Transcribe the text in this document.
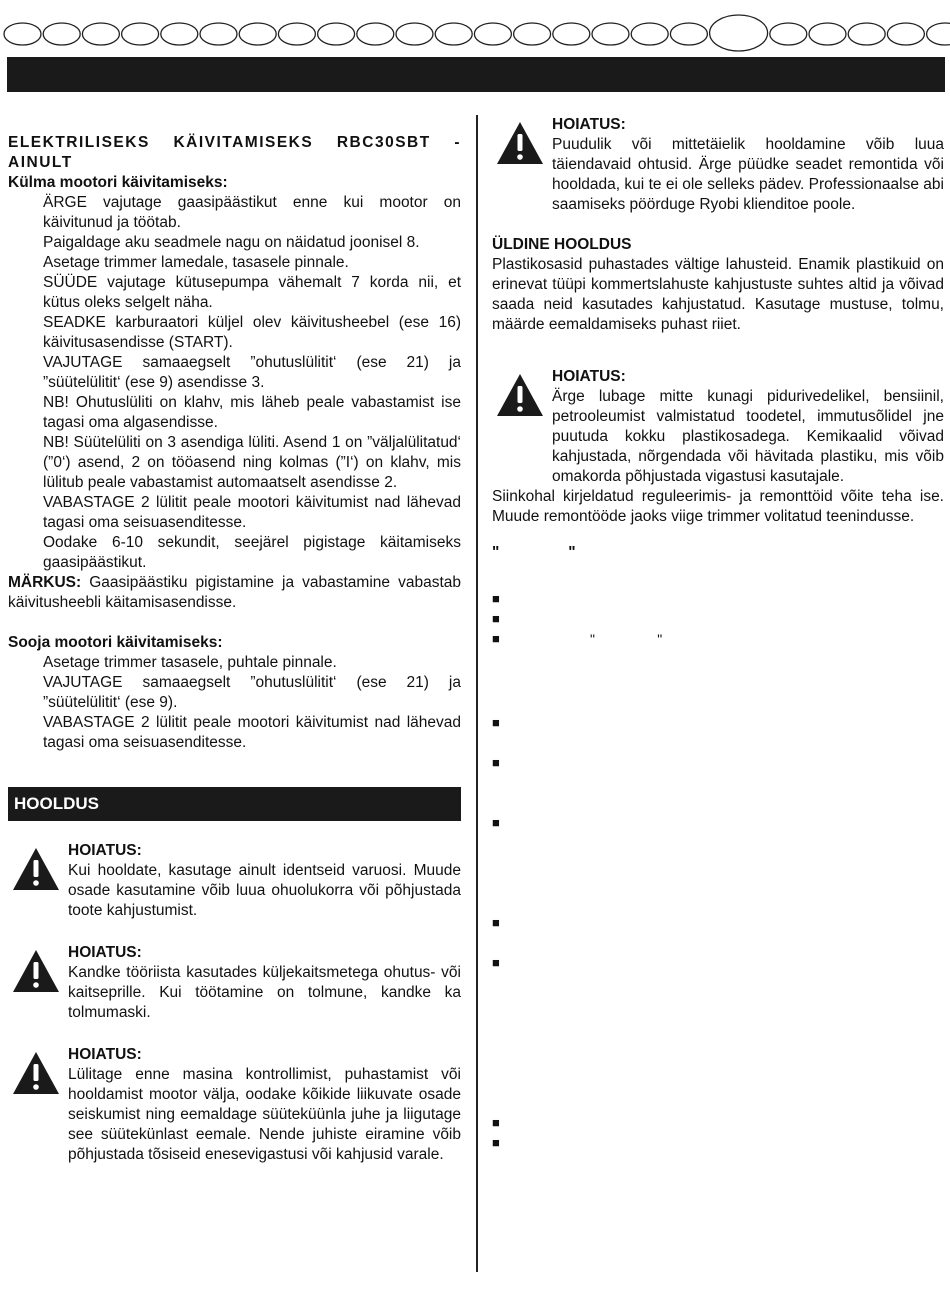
ELEKTRILISEKS KÄIVITAMISEKS RBC30SBT - AINULT

Külma mootori käivitamiseks:

ÄRGE vajutage gaasipäästikut enne kui mootor on käivitunud ja töötab.

Paigaldage aku seadmele nagu on näidatud joonisel 8.

Asetage trimmer lamedale, tasasele pinnale.

SÜÜDE vajutage kütusepumpa vähemalt 7 korda nii, et kütus oleks selgelt näha.

SEADKE karburaatori küljel olev käivitusheebel (ese 16) käivitusasendisse (START).

VAJUTAGE samaaegselt ”ohutuslülitit‘ (ese 21) ja ”süütelülitit‘ (ese 9) asendisse 3.

NB! Ohutuslüliti on klahv, mis läheb peale vabastamist ise tagasi oma algasendisse.

NB! Süütelüliti on 3 asendiga lüliti. Asend 1 on ”väljalülitatud‘ (”0‘) asend, 2 on tööasend ning kolmas (”I‘) on klahv, mis lülitub peale vabastamist automaatselt asendisse 2.

VABASTAGE 2 lülitit peale mootori käivitumist nad lähevad tagasi oma seisuasenditesse.

Oodake 6-10 sekundit, seejärel pigistage käitamiseks gaasipäästikut.

MÄRKUS: Gaasipäästiku pigistamine ja vabastamine vabastab käivitusheebli käitamisasendisse.

Sooja mootori käivitamiseks:

Asetage trimmer tasasele, puhtale pinnale.

VAJUTAGE samaaegselt ”ohutuslülitit‘ (ese 21) ja ”süütelülitit‘ (ese 9).

VABASTAGE 2 lülitit peale mootori käivitumist nad lähevad tagasi oma seisuasenditesse.

HOOLDUS

HOIATUS:

Kui hooldate, kasutage ainult identseid varuosi. Muude osade kasutamine võib luua ohuolukorra või põhjustada toote kahjustumist.

HOIATUS:

Kandke tööriista kasutades küljekaitsmetega ohutus- või kaitseprille. Kui töötamine on tolmune, kandke ka tolmumaski.

HOIATUS:

Lülitage enne masina kontrollimist, puhastamist või hooldamist mootor välja, oodake kõikide liikuvate osade seiskumist ning eemaldage süüteküünla juhe ja liigutage see süütekünlast eemale. Nende juhiste eiramine võib põhjustada tõsiseid enesevigastusi või kahjusid varale.

HOIATUS:

Puudulik või mittetäielik hooldamine võib luua täiendavaid ohtusid. Ärge püüdke seadet remontida või hooldada, kui te ei ole selleks pädev. Professionaalse abi saamiseks pöörduge Ryobi klienditoe poole.

ÜLDINE HOOLDUS

Plastikosasid puhastades vältige lahusteid. Enamik plastikuid on erinevat tüüpi kommertslahuste kahjustuste suhtes altid ja võivad saada neid kasutades kahjustatud. Kasutage mustuse, tolmu, määrde eemaldamiseks puhast riiet.

HOIATUS:

Ärge lubage mitte kunagi pidurivedelikel, bensiinil, petrooleumist valmistatud toodetel, immutusõlidel jne puutuda kokku plastikosadega. Kemikaalid võivad kahjustada, nõrgendada või hävitada plastiku, mis võib omakorda põhjustada vigastusi kasutajale.

Siinkohal kirjeldatud reguleerimis- ja remonttöid võite teha ise. Muude remontööde jaoks viige trimmer volitatud teenindusse.

"                "

■
■
■	"                "
■
■
■
■
■
■
■
